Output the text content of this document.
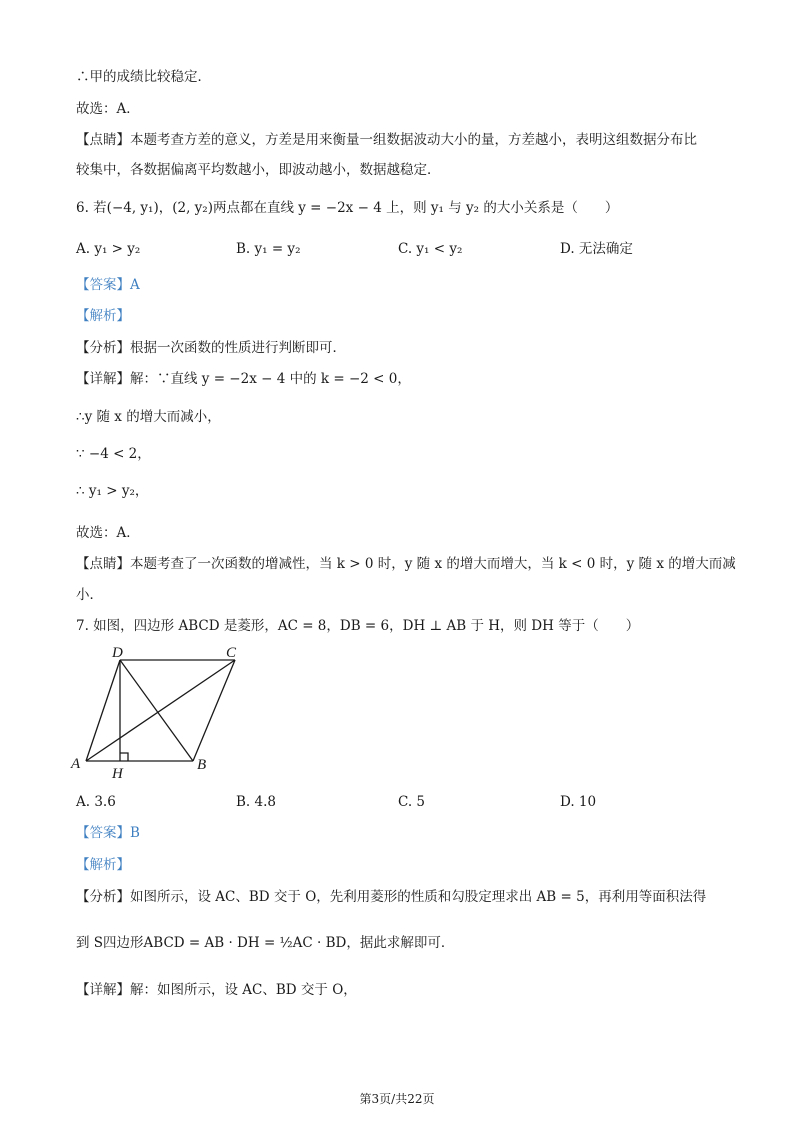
∴甲的成绩比较稳定．
故选：A．
【点睛】本题考查方差的意义，方差是用来衡量一组数据波动大小的量，方差越小，表明这组数据分布比
较集中，各数据偏离平均数越小，即波动越小，数据越稳定．
6. 若(−4, y₁)，(2, y₂)两点都在直线 y = −2x − 4 上，则 y₁ 与 y₂ 的大小关系是（　　）
A. y₁ > y₂	B. y₁ = y₂	C. y₁ < y₂	D. 无法确定
【答案】A
【解析】
【分析】根据一次函数的性质进行判断即可．
【详解】解：∵直线 y = −2x − 4 中的 k = −2 < 0，
∴y 随 x 的增大而减小，
∵ −4 < 2，
∴ y₁ > y₂，
故选：A．
【点睛】本题考查了一次函数的增减性，当 k > 0 时，y 随 x 的增大而增大，当 k < 0 时，y 随 x 的增大而减
小．
7. 如图，四边形 ABCD 是菱形，AC = 8，DB = 6，DH ⊥ AB 于 H，则 DH 等于（　　）
D	C
A	B
H
A. 3.6	B. 4.8	C. 5	D. 10
【答案】B
【解析】
【分析】如图所示，设 AC、BD 交于 O，先利用菱形的性质和勾股定理求出 AB = 5，再利用等面积法得
到 S四边形ABCD = AB · DH = ½AC · BD，据此求解即可．
【详解】解：如图所示，设 AC、BD 交于 O，
第3页/共22页
